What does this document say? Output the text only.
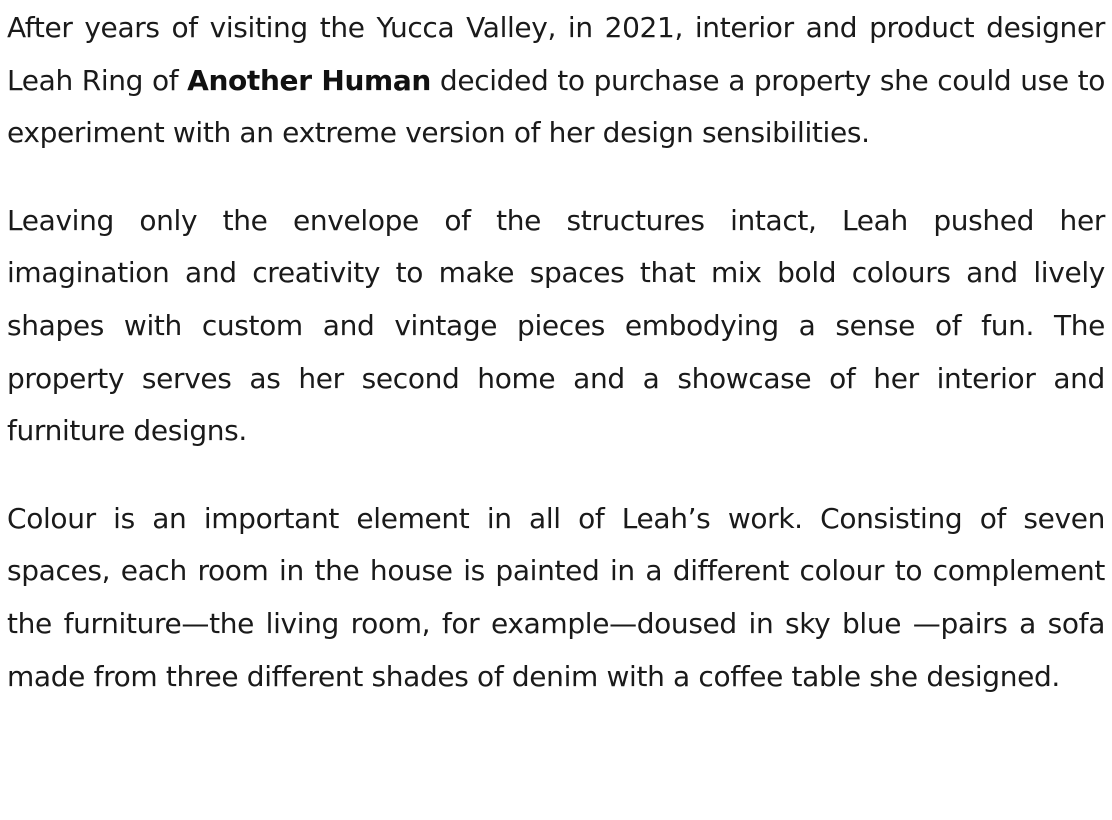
After years of visiting the Yucca Valley, in 2021, interior and product designer Leah Ring of Another Human decided to purchase a property she could use to experiment with an extreme version of her design sensibilities.

Leaving only the envelope of the structures intact, Leah pushed her imagination and creativity to make spaces that mix bold colours and lively shapes with custom and vintage pieces embodying a sense of fun. The property serves as her second home and a showcase of her interior and furniture designs.

Colour is an important element in all of Leah’s work. Consisting of seven spaces, each room in the house is painted in a different colour to complement the furniture—the living room, for example—doused in sky blue —pairs a sofa made from three different shades of denim with a coffee table she designed.
